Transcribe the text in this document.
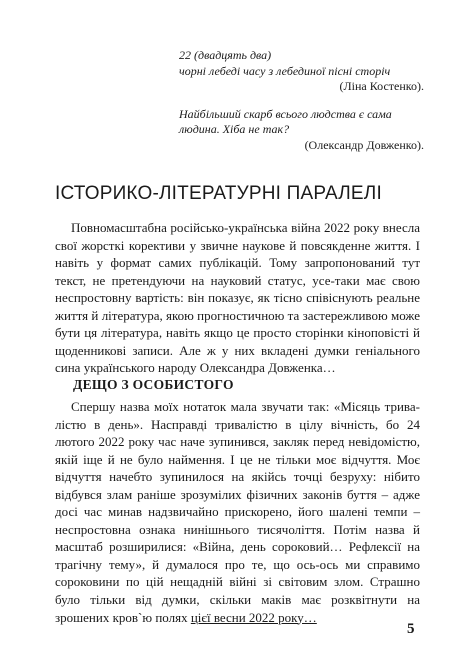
22 (двадцять два)
чорні лебеді часу з лебединої пісні сторіч
(Ліна Костенко).
Найбільший скарб всього людства є сама
людина. Хіба не так?
(Олександр Довженко).
ІСТОРИКО-ЛІТЕРАТУРНІ ПАРАЛЕЛІ

Повномасштабна російсько-українська війна 2022 року внесла свої жорсткі корективи у звичне наукове й повсякденне життя. І навіть у формат самих публікацій. Тому запропонований тут текст, не претендуючи на науковий статус, усе-таки має свою неспростовну вартість: він показує, як тісно співіснують реальне життя й література, якою прогностичною та застережливою може бути ця література, навіть якщо це просто сторінки кіноповісті й щоденникові записи. Але ж у них вкладені думки геніального сина українського народу Олександра Довженка…

ДЕЩО З ОСОБИСТОГО

Спершу назва моїх нотаток мала звучати так: «Місяць тривалістю в день». Насправді тривалістю в цілу вічність, бо 24 лютого 2022 року час наче зупинився, закляк перед невідомістю, якій іще й не було наймення. І це не тільки моє відчуття. Моє відчуття начебто зупинилося на якійсь точці безруху: нібито відбувся злам раніше зрозумілих фізичних законів буття – адже досі час минав надзвичайно прискорено, його шалені темпи – неспростовна ознака нинішнього тисячоліття. Потім назва й масштаб розширилися: «Війна, день сороковий… Рефлексії на трагічну тему», й думалося про те, що ось-ось ми справимо сороковини по цій нещадній війні зі світовим злом. Страшно було тільки від думки, скільки маків має розквітнути на зрошених кров`ю полях цієї весни 2022 року…

5
